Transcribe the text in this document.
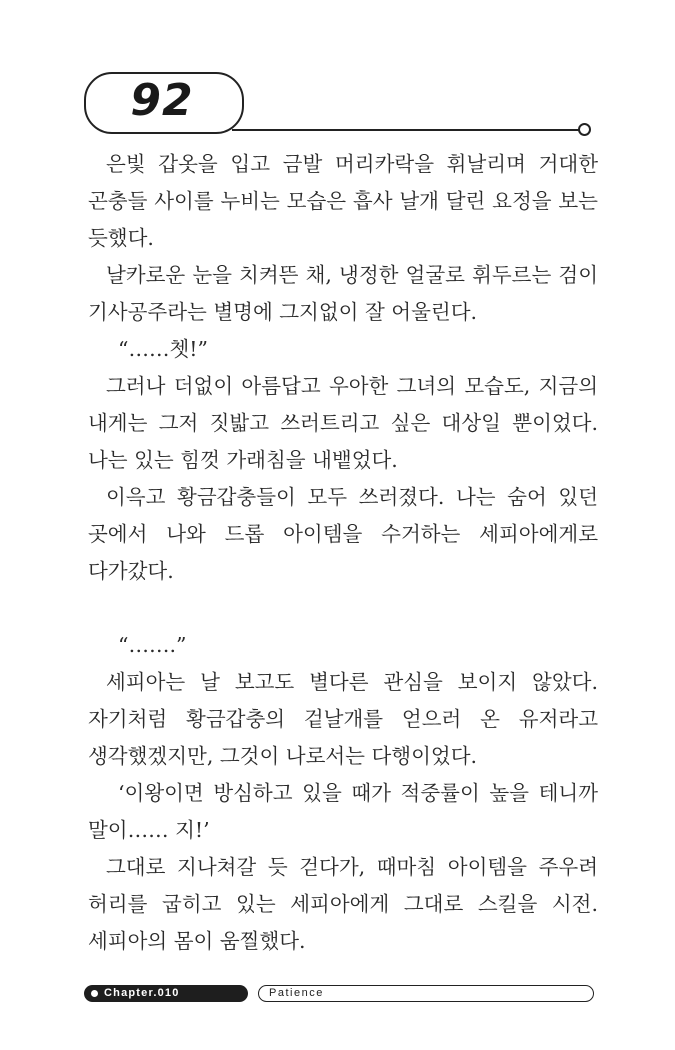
92

은빛 갑옷을 입고 금발 머리카락을 휘날리며 거대한 곤충들 사이를 누비는 모습은 흡사 날개 달린 요정을 보는 듯했다.

날카로운 눈을 치켜뜬 채, 냉정한 얼굴로 휘두르는 검이 기사공주라는 별명에 그지없이 잘 어울린다.

“……쳇!”

그러나 더없이 아름답고 우아한 그녀의 모습도, 지금의 내게는 그저 짓밟고 쓰러트리고 싶은 대상일 뿐이었다. 나는 있는 힘껏 가래침을 내뱉었다.

이윽고 황금갑충들이 모두 쓰러졌다. 나는 숨어 있던 곳에서 나와 드롭 아이템을 수거하는 세피아에게로 다가갔다.

“…….”

세피아는 날 보고도 별다른 관심을 보이지 않았다. 자기처럼 황금갑충의 겉날개를 얻으러 온 유저라고 생각했겠지만, 그것이 나로서는 다행이었다.

‘이왕이면 방심하고 있을 때가 적중률이 높을 테니까 말이…… 지!’

그대로 지나쳐갈 듯 걷다가, 때마침 아이템을 주우려 허리를 굽히고 있는 세피아에게 그대로 스킬을 시전. 세피아의 몸이 움찔했다.

Chapter.010	Patience
